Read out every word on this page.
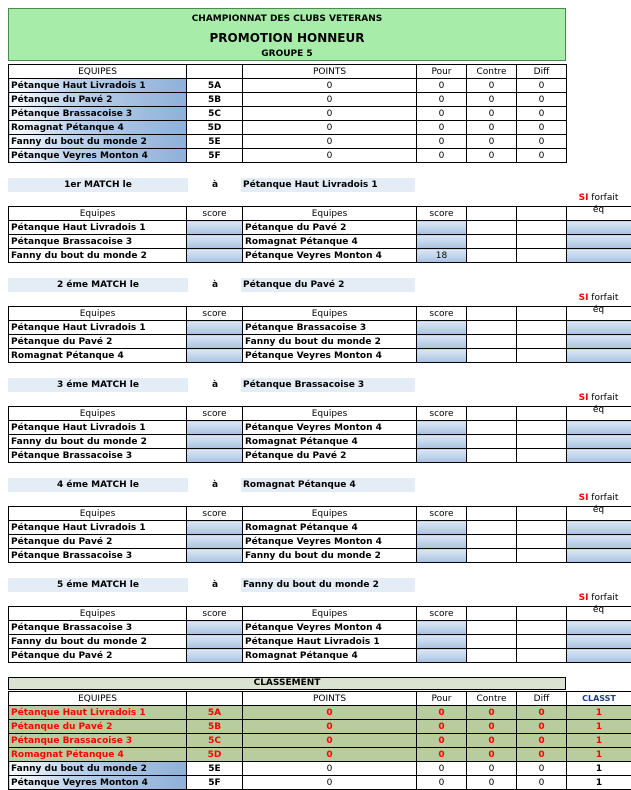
CHAMPIONNAT DES CLUBS VETERANS
PROMOTION HONNEUR
GROUPE 5
EQUIPES		POINTS	Pour	Contre	Diff
Pétanque Haut Livradois 1	5A	0	0	0	0
Pétanque du Pavé 2	5B	0	0	0	0
Pétanque Brassacoise 3	5C	0	0	0	0
Romagnat Pétanque 4	5D	0	0	0	0
Fanny du bout du monde 2	5E	0	0	0	0
Pétanque Veyres Monton 4	5F	0	0	0	0
1er MATCH le	à	Pétanque Haut Livradois 1
SI forfait
éq
Equipes	score	Equipes	score			
Pétanque Haut Livradois 1		Pétanque du Pavé 2				
Pétanque Brassacoise 3		Romagnat Pétanque 4				
Fanny du bout du monde 2		Pétanque Veyres Monton 4	18			
2 éme MATCH le	à	Pétanque du Pavé 2
SI forfait
éq
Equipes	score	Equipes	score			
Pétanque Haut Livradois 1		Pétanque Brassacoise 3				
Pétanque du Pavé 2		Fanny du bout du monde 2				
Romagnat Pétanque 4		Pétanque Veyres Monton 4				
3 éme MATCH le	à	Pétanque Brassacoise 3
SI forfait
éq
Equipes	score	Equipes	score			
Pétanque Haut Livradois 1		Pétanque Veyres Monton 4				
Fanny du bout du monde 2		Romagnat Pétanque 4				
Pétanque Brassacoise 3		Pétanque du Pavé 2				
4 éme MATCH le	à	Romagnat Pétanque 4
SI forfait
éq
Equipes	score	Equipes	score			
Pétanque Haut Livradois 1		Romagnat Pétanque 4				
Pétanque du Pavé 2		Pétanque Veyres Monton 4				
Pétanque Brassacoise 3		Fanny du bout du monde 2				
5 éme MATCH le	à	Fanny du bout du monde 2
SI forfait
éq
Equipes	score	Equipes	score			
Pétanque Brassacoise 3		Pétanque Veyres Monton 4				
Fanny du bout du monde 2		Pétanque Haut Livradois 1				
Pétanque du Pavé 2		Romagnat Pétanque 4				
CLASSEMENT
EQUIPES		POINTS	Pour	Contre	Diff	CLASST
Pétanque Haut Livradois 1	5A	0	0	0	0	1
Pétanque du Pavé 2	5B	0	0	0	0	1
Pétanque Brassacoise 3	5C	0	0	0	0	1
Romagnat Pétanque 4	5D	0	0	0	0	1
Fanny du bout du monde 2	5E	0	0	0	0	1
Pétanque Veyres Monton 4	5F	0	0	0	0	1
